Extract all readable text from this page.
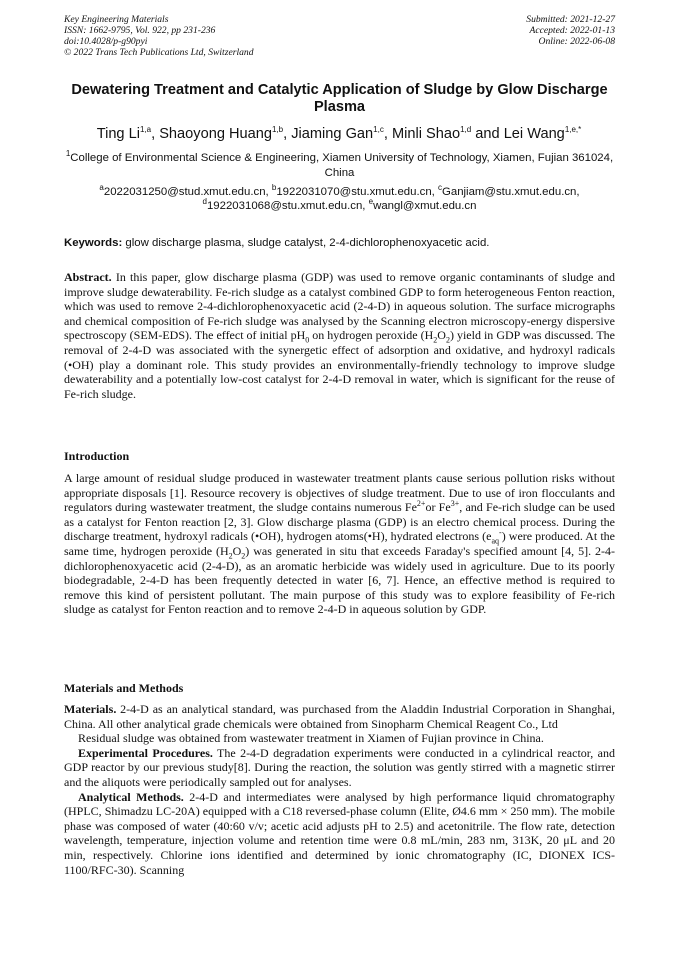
Key Engineering Materials
ISSN: 1662-9795, Vol. 922, pp 231-236
doi:10.4028/p-g90pyi
© 2022 Trans Tech Publications Ltd, Switzerland
Submitted: 2021-12-27
Accepted: 2022-01-13
Online: 2022-06-08
Dewatering Treatment and Catalytic Application of Sludge by Glow Discharge Plasma
Ting Li$^{1,a}$, Shaoyong Huang$^{1,b}$, Jiaming Gan$^{1,c}$, Minli Shao$^{1,d}$ and Lei Wang$^{1,e,*}$
$^1$College of Environmental Science & Engineering, Xiamen University of Technology, Xiamen, Fujian 361024, China
$^a$2022031250@stud.xmut.edu.cn, $^b$1922031070@stu.xmut.edu.cn, $^c$Ganjiam@stu.xmut.edu.cn,
$^d$1922031068@stu.xmut.edu.cn, $^e$wangl@xmut.edu.cn
Keywords: glow discharge plasma, sludge catalyst, 2-4-dichlorophenoxyacetic acid.

Abstract. In this paper, glow discharge plasma (GDP) was used to remove organic contaminants of sludge and improve sludge dewaterability. Fe-rich sludge as a catalyst combined GDP to form heterogeneous Fenton reaction, which was used to remove 2-4-dichlorophenoxyacetic acid (2-4-D) in aqueous solution. The surface micrographs and chemical composition of Fe-rich sludge was analysed by the Scanning electron microscopy-energy dispersive spectroscopy (SEM-EDS). The effect of initial $pH_0$ on hydrogen peroxide $(H_2O_2)$ yield in GDP was discussed. The removal of 2-4-D was associated with the synergetic effect of adsorption and oxidative, and hydroxyl radicals (•OH) play a dominant role. This study provides an environmentally-friendly technology to improve sludge dewaterability and a potentially low-cost catalyst for 2-4-D removal in water, which is significant for the reuse of Fe-rich sludge.

Introduction

A large amount of residual sludge produced in wastewater treatment plants cause serious pollution risks without appropriate disposals [1]. Resource recovery is objectives of sludge treatment. Due to use of iron flocculants and regulators during wastewater treatment, the sludge contains numerous $Fe^{2+}or$ $Fe^{3+}$, and Fe-rich sludge can be used as a catalyst for Fenton reaction [2, 3]. Glow discharge plasma (GDP) is an electro chemical process. During the discharge treatment, hydroxyl radicals (•OH), hydrogen atoms(•H), hydrated electrons $(e_{aq}^-)$ were produced. At the same time, hydrogen peroxide $(H_2O_2)$ was generated in situ that exceeds Faraday's specified amount [4, 5]. 2-4-dichlorophenoxyacetic acid (2-4-D), as an aromatic herbicide was widely used in agriculture. Due to its poorly biodegradable, 2-4-D has been frequently detected in water [6, 7]. Hence, an effective method is required to remove this kind of persistent pollutant. The main purpose of this study was to explore feasibility of Fe-rich sludge as catalyst for Fenton reaction and to remove 2-4-D in aqueous solution by GDP.

Materials and Methods

Materials. 2-4-D as an analytical standard, was purchased from the Aladdin Industrial Corporation in Shanghai, China. All other analytical grade chemicals were obtained from Sinopharm Chemical Reagent Co., Ltd

Residual sludge was obtained from wastewater treatment in Xiamen of Fujian province in China.

Experimental Procedures. The 2-4-D degradation experiments were conducted in a cylindrical reactor, and GDP reactor by our previous study[8]. During the reaction, the solution was gently stirred with a magnetic stirrer and the aliquots were periodically sampled out for analyses.

Analytical Methods. 2-4-D and intermediates were analysed by high performance liquid chromatography (HPLC, Shimadzu LC-20A) equipped with a C18 reversed-phase column (Elite, Ø4.6 mm × 250 mm). The mobile phase was composed of water (40:60 v/v; acetic acid adjusts pH to 2.5) and acetonitrile. The flow rate, detection wavelength, temperature, injection volume and retention time were 0.8 mL/min, 283 nm, 313K, 20 μL and 20 min, respectively. Chlorine ions identified and determined by ionic chromatography (IC, DIONEX ICS-1100/RFC-30). Scanning
